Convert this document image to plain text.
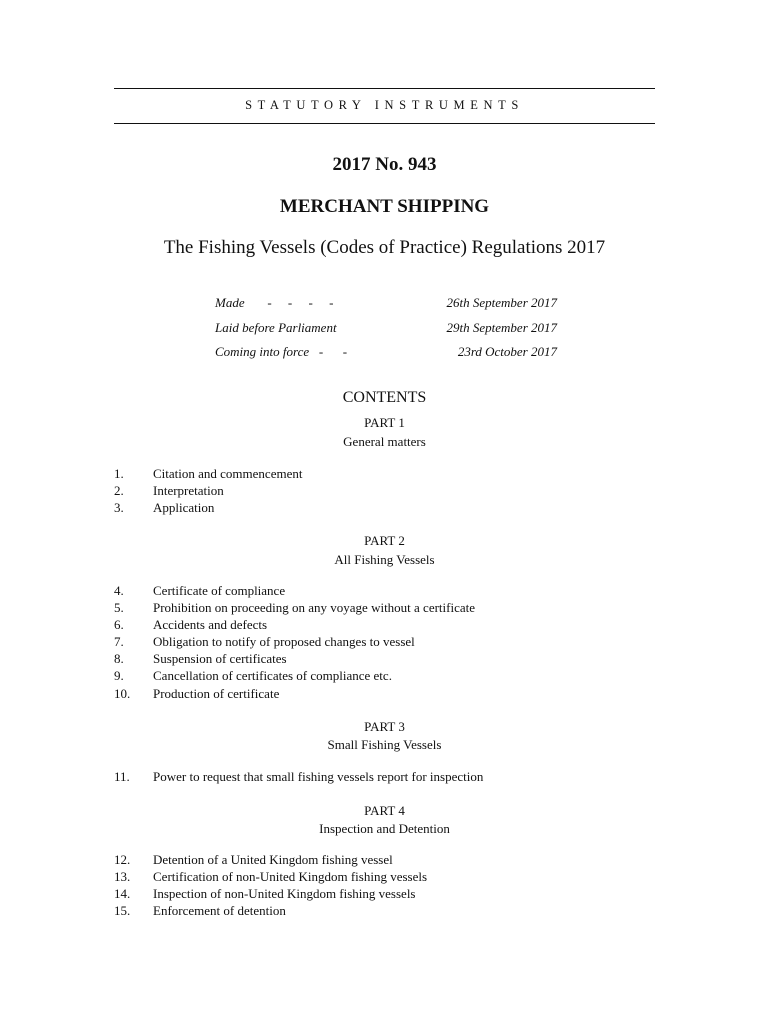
STATUTORY INSTRUMENTS
2017 No. 943
MERCHANT SHIPPING
The Fishing Vessels (Codes of Practice) Regulations 2017
Made       -     -     -     -	26th September 2017
Laid before Parliament	29th September 2017
Coming into force   -      -	23rd October 2017
CONTENTS
PART 1
General matters
1. Citation and commencement
2. Interpretation
3. Application
PART 2
All Fishing Vessels
4. Certificate of compliance
5. Prohibition on proceeding on any voyage without a certificate
6. Accidents and defects
7. Obligation to notify of proposed changes to vessel
8. Suspension of certificates
9. Cancellation of certificates of compliance etc.
10. Production of certificate
PART 3
Small Fishing Vessels
11. Power to request that small fishing vessels report for inspection
PART 4
Inspection and Detention
12. Detention of a United Kingdom fishing vessel
13. Certification of non-United Kingdom fishing vessels
14. Inspection of non-United Kingdom fishing vessels
15. Enforcement of detention
